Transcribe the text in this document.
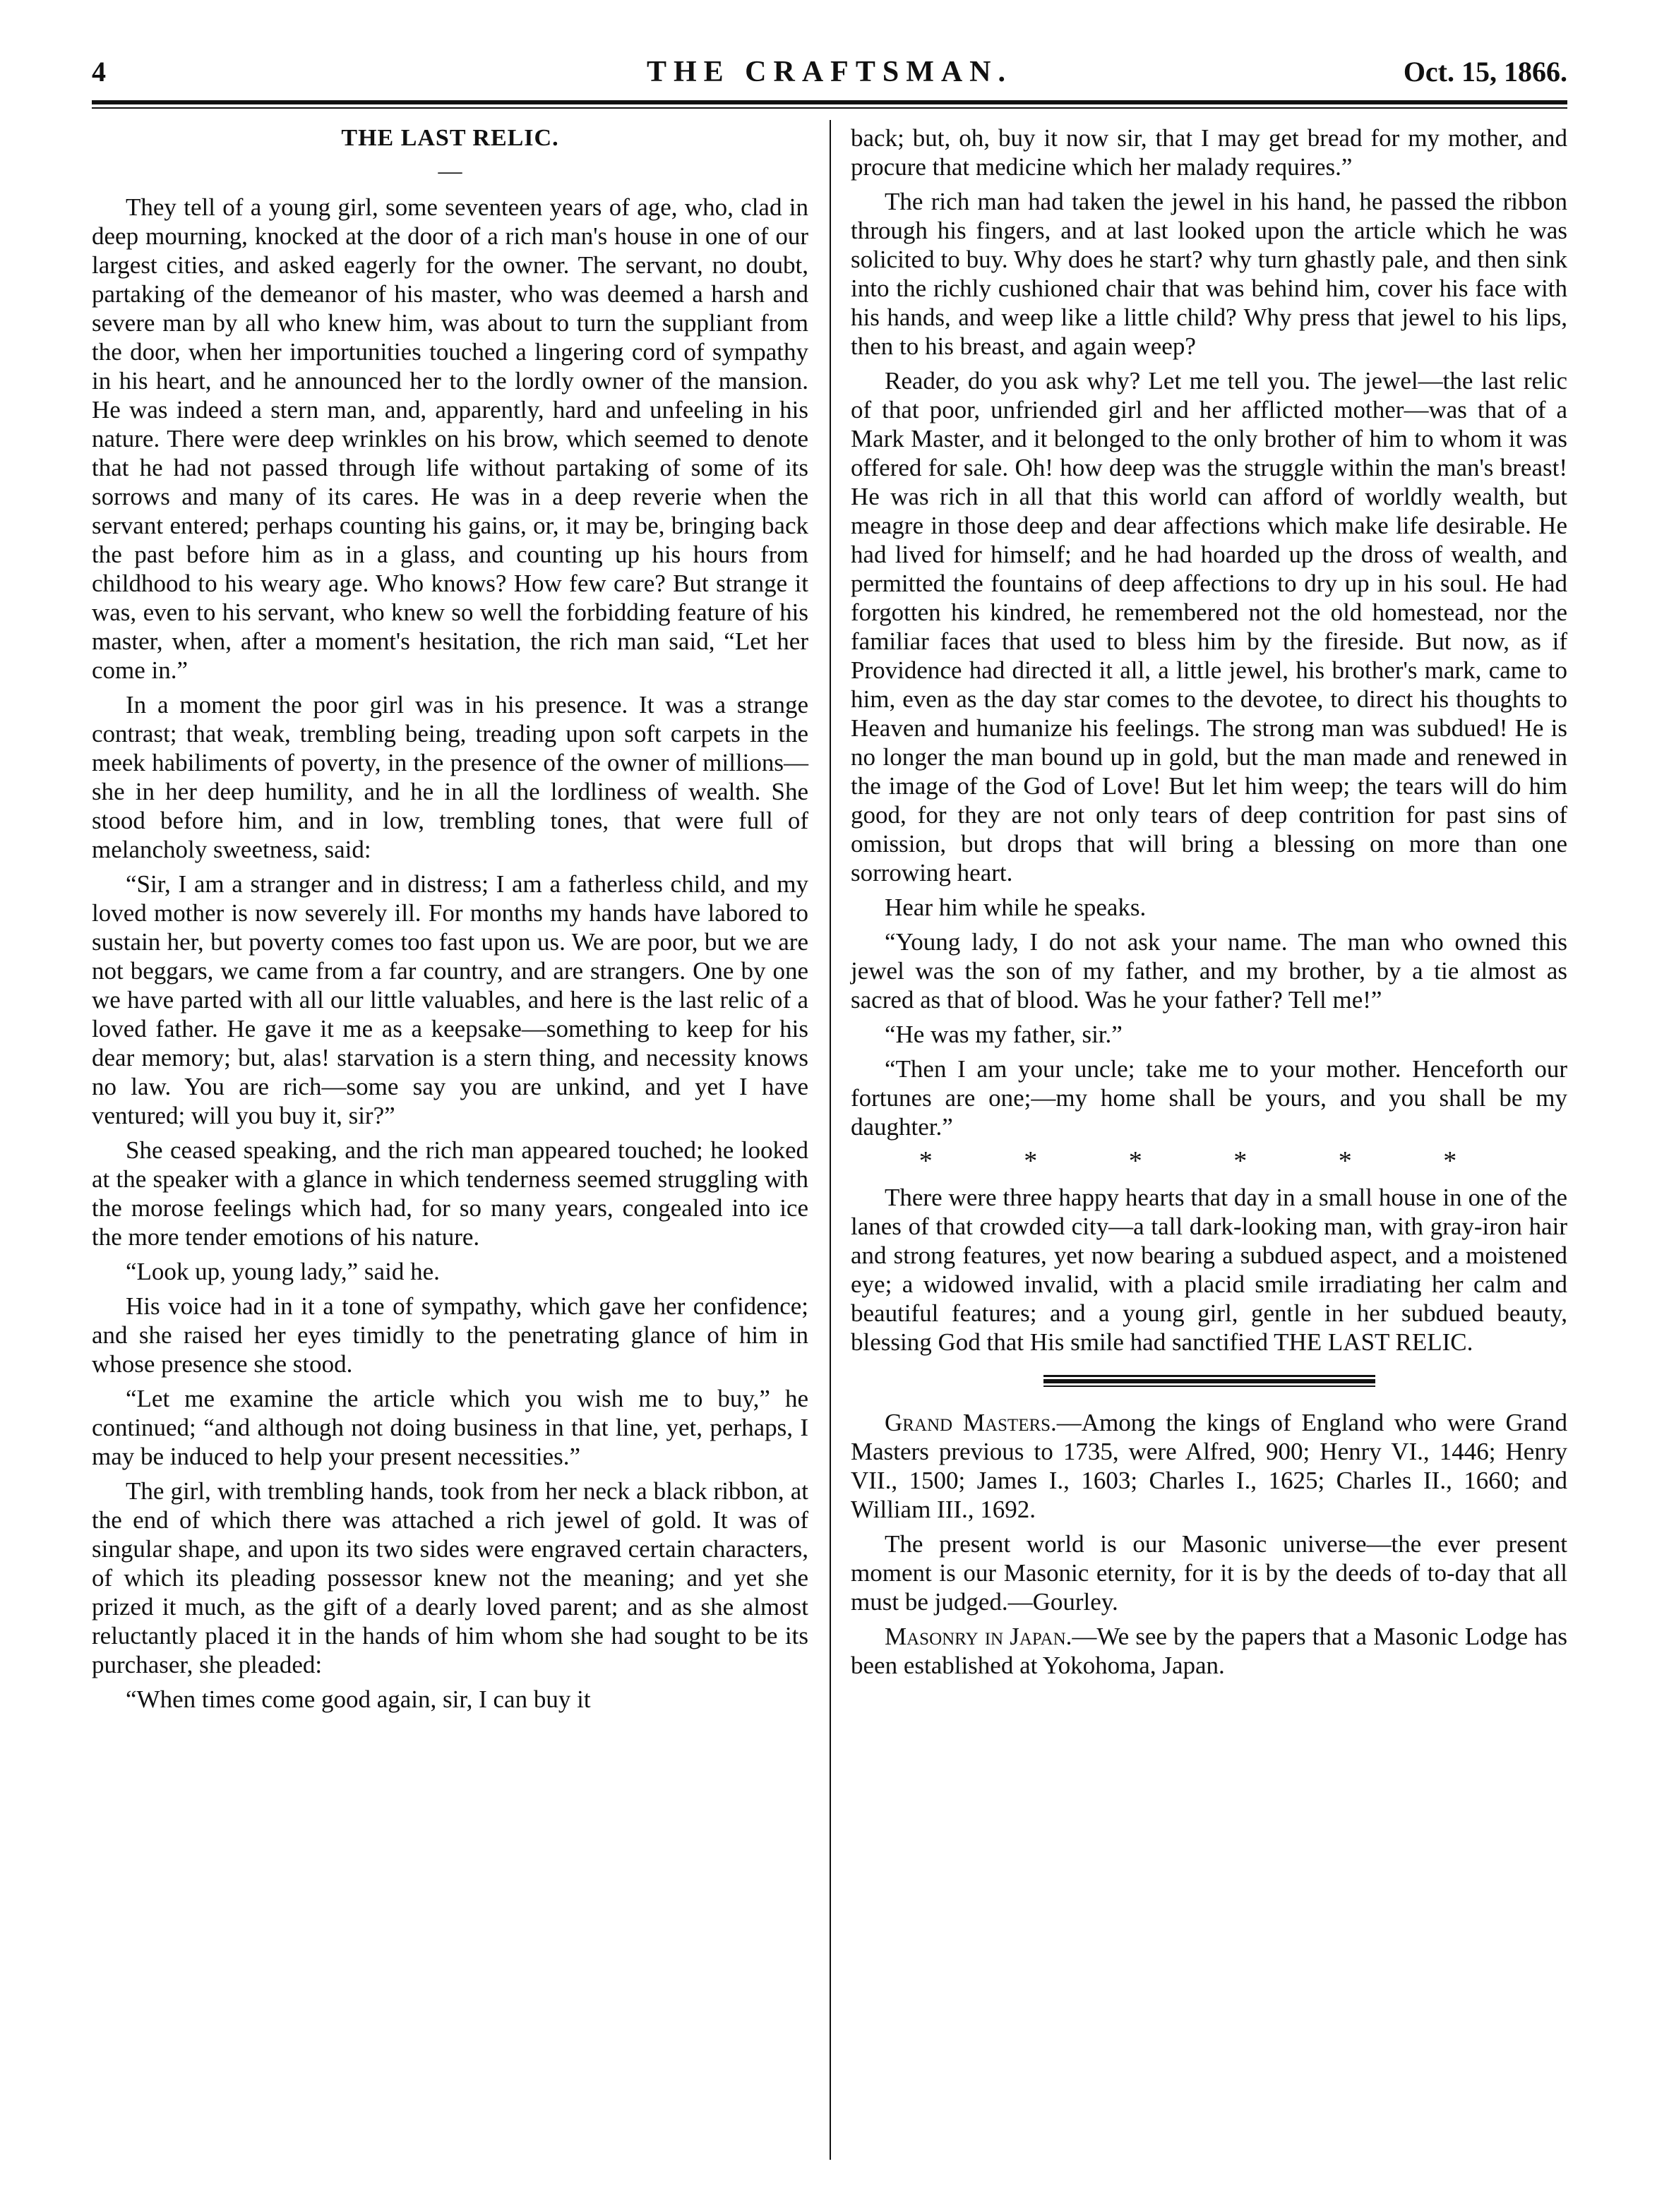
4	THE CRAFTSMAN.	Oct. 15, 1866.
THE LAST RELIC.
—

They tell of a young girl, some seventeen years of age, who, clad in deep mourning, knocked at the door of a rich man's house in one of our largest cities, and asked eagerly for the owner. The servant, no doubt, partaking of the demeanor of his master, who was deemed a harsh and severe man by all who knew him, was about to turn the suppliant from the door, when her importunities touched a lingering cord of sympathy in his heart, and he announced her to the lordly owner of the mansion. He was indeed a stern man, and, apparently, hard and unfeeling in his nature. There were deep wrinkles on his brow, which seemed to denote that he had not passed through life without partaking of some of its sorrows and many of its cares. He was in a deep reverie when the servant entered; perhaps counting his gains, or, it may be, bringing back the past before him as in a glass, and counting up his hours from childhood to his weary age. Who knows? How few care? But strange it was, even to his servant, who knew so well the forbidding feature of his master, when, after a moment's hesitation, the rich man said, “Let her come in.”

In a moment the poor girl was in his presence. It was a strange contrast; that weak, trembling being, treading upon soft carpets in the meek habiliments of poverty, in the presence of the owner of millions—she in her deep humility, and he in all the lordliness of wealth. She stood before him, and in low, trembling tones, that were full of melancholy sweetness, said:

“Sir, I am a stranger and in distress; I am a fatherless child, and my loved mother is now severely ill. For months my hands have labored to sustain her, but poverty comes too fast upon us. We are poor, but we are not beggars, we came from a far country, and are strangers. One by one we have parted with all our little valuables, and here is the last relic of a loved father. He gave it me as a keepsake—something to keep for his dear memory; but, alas! starvation is a stern thing, and necessity knows no law. You are rich—some say you are unkind, and yet I have ventured; will you buy it, sir?”

She ceased speaking, and the rich man appeared touched; he looked at the speaker with a glance in which tenderness seemed struggling with the morose feelings which had, for so many years, congealed into ice the more tender emotions of his nature.

“Look up, young lady,” said he.

His voice had in it a tone of sympathy, which gave her confidence; and she raised her eyes timidly to the penetrating glance of him in whose presence she stood.

“Let me examine the article which you wish me to buy,” he continued; “and although not doing business in that line, yet, perhaps, I may be induced to help your present necessities.”

The girl, with trembling hands, took from her neck a black ribbon, at the end of which there was attached a rich jewel of gold. It was of singular shape, and upon its two sides were engraved certain characters, of which its pleading possessor knew not the meaning; and yet she prized it much, as the gift of a dearly loved parent; and as she almost reluctantly placed it in the hands of him whom she had sought to be its purchaser, she pleaded:

“When times come good again, sir, I can buy it

back; but, oh, buy it now sir, that I may get bread for my mother, and procure that medicine which her malady requires.”

The rich man had taken the jewel in his hand, he passed the ribbon through his fingers, and at last looked upon the article which he was solicited to buy. Why does he start? why turn ghastly pale, and then sink into the richly cushioned chair that was behind him, cover his face with his hands, and weep like a little child? Why press that jewel to his lips, then to his breast, and again weep?

Reader, do you ask why? Let me tell you. The jewel—the last relic of that poor, unfriended girl and her afflicted mother—was that of a Mark Master, and it belonged to the only brother of him to whom it was offered for sale. Oh! how deep was the struggle within the man's breast! He was rich in all that this world can afford of worldly wealth, but meagre in those deep and dear affections which make life desirable. He had lived for himself; and he had hoarded up the dross of wealth, and permitted the fountains of deep affections to dry up in his soul. He had forgotten his kindred, he remembered not the old homestead, nor the familiar faces that used to bless him by the fireside. But now, as if Providence had directed it all, a little jewel, his brother's mark, came to him, even as the day star comes to the devotee, to direct his thoughts to Heaven and humanize his feelings. The strong man was subdued! He is no longer the man bound up in gold, but the man made and renewed in the image of the God of Love! But let him weep; the tears will do him good, for they are not only tears of deep contrition for past sins of omission, but drops that will bring a blessing on more than one sorrowing heart.

Hear him while he speaks.

“Young lady, I do not ask your name. The man who owned this jewel was the son of my father, and my brother, by a tie almost as sacred as that of blood. Was he your father? Tell me!”

“He was my father, sir.”

“Then I am your uncle; take me to your mother. Henceforth our fortunes are one;—my home shall be yours, and you shall be my daughter.”

* * * * * *

There were three happy hearts that day in a small house in one of the lanes of that crowded city—a tall dark-looking man, with gray-iron hair and strong features, yet now bearing a subdued aspect, and a moistened eye; a widowed invalid, with a placid smile irradiating her calm and beautiful features; and a young girl, gentle in her subdued beauty, blessing God that His smile had sanctified THE LAST RELIC.

Grand Masters.—Among the kings of England who were Grand Masters previous to 1735, were Alfred, 900; Henry VI., 1446; Henry VII., 1500; James I., 1603; Charles I., 1625; Charles II., 1660; and William III., 1692.

The present world is our Masonic universe—the ever present moment is our Masonic eternity, for it is by the deeds of to-day that all must be judged.—Gourley.

Masonry in Japan.—We see by the papers that a Masonic Lodge has been established at Yokohoma, Japan.
